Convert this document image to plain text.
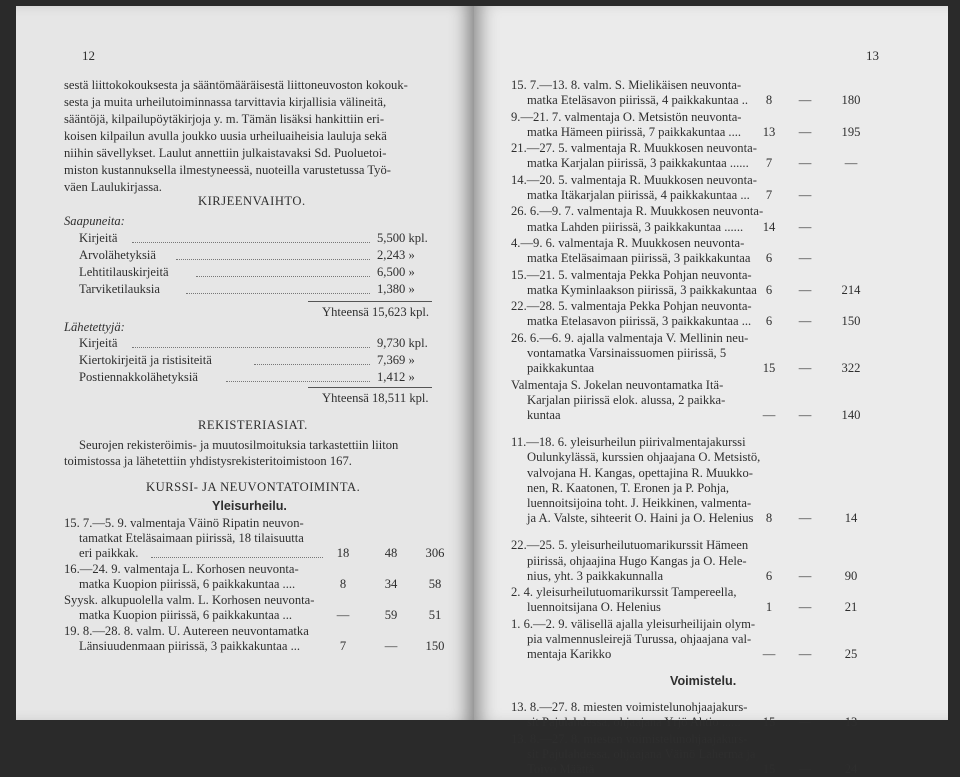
12
sestä liittokokouksesta ja sääntömääräisestä liittoneuvoston kokouk-
sesta ja muita urheilutoiminnassa tarvittavia kirjallisia välineitä,
sääntöjä, kilpailupöytäkirjoja y. m. Tämän lisäksi hankittiin eri-
koisen kilpailun avulla joukko uusia urheiluaiheisia lauluja sekä
niihin sävellykset. Laulut annettiin julkaistavaksi Sd. Puoluetoi-
miston kustannuksella ilmestyneessä, nuoteilla varustetussa Työ-
väen Laulukirjassa.
KIRJEENVAIHTO.
Saapuneita:
Kirjeitä	5,500 kpl.
Arvolähetyksiä	2,243 »
Lehtitilauskirjeitä	6,500 »
Tarviketilauksia	1,380 »
Yhteensä 15,623 kpl.
Lähetettyjä:
Kirjeitä	9,730 kpl.
Kiertokirjeitä ja ristisiteitä	7,369 »
Postiennakkolähetyksiä	1,412 »
Yhteensä 18,511 kpl.
REKISTERIASIAT.
Seurojen rekisteröimis- ja muutosilmoituksia tarkastettiin liiton
toimistossa ja lähetettiin yhdistysrekisteritoimistoon 167.
KURSSI- JA NEUVONTATOIMINTA.
Yleisurheilu.
15. 7.—5. 9. valmentaja Väinö Ripatin neuvon-
tamatkat Eteläsaimaan piirissä, 18 tilaisuutta
eri paikkak.	18	48	306
16.—24. 9. valmentaja L. Korhosen neuvonta-
matka Kuopion piirissä, 6 paikkakuntaa ....	8	34	58
Syysk. alkupuolella valm. L. Korhosen neuvonta-
matka Kuopion piirissä, 6 paikkakuntaa ...	—	59	51
19. 8.—28. 8. valm. U. Autereen neuvontamatka
Länsiuudenmaan piirissä, 3 paikkakuntaa ...	7	—	150
13
15. 7.—13. 8. valm. S. Mielikäisen neuvonta-
matka Eteläsavon piirissä, 4 paikkakuntaa ..	8	—	180
9.—21. 7. valmentaja O. Metsistön neuvonta-
matka Hämeen piirissä, 7 paikkakuntaa ....	13	—	195
21.—27. 5. valmentaja R. Muukkosen neuvonta-
matka Karjalan piirissä, 3 paikkakuntaa ......	7	—	—
14.—20. 5. valmentaja R. Muukkosen neuvonta-
matka Itäkarjalan piirissä, 4 paikkakuntaa ...	7	—
26. 6.—9. 7. valmentaja R. Muukkosen neuvonta-
matka Lahden piirissä, 3 paikkakuntaa ......	14	—
4.—9. 6. valmentaja R. Muukkosen neuvonta-
matka Eteläsaimaan piirissä, 3 paikkakuntaa	6	—
15.—21. 5. valmentaja Pekka Pohjan neuvonta-
matka Kyminlaakson piirissä, 3 paikkakuntaa 6	—	214
22.—28. 5. valmentaja Pekka Pohjan neuvonta-
matka Etelasavon piirissä, 3 paikkakuntaa ...	6	—	150
26. 6.—6. 9. ajalla valmentaja V. Mellinin neu-
vontamatka Varsinaissuomen piirissä, 5
paikkakuntaa	15	—	322
Valmentaja S. Jokelan neuvontamatka Itä-
Karjalan piirissä elok. alussa, 2 paikka-
kuntaa	—	—	140
11.—18. 6. yleisurheilun piirivalmentajakurssi
Oulunkylässä, kurssien ohjaajana O. Metsistö,
valvojana H. Kangas, opettajina R. Muukko-
nen, R. Kaatonen, T. Eronen ja P. Pohja,
luennoitsijoina toht. J. Heikkinen, valmenta-
ja A. Valste, sihteerit O. Haini ja O. Helenius 8	—	14
22.—25. 5. yleisurheilutuomarikurssit Hämeen
piirissä, ohjaajina Hugo Kangas ja O. Hele-
nius, yht. 3 paikkakunnalla	6	—	90
2. 4. yleisurheilutuomarikurssit Tampereella,
luennoitsijana O. Helenius	1	—	21
1. 6.—2. 9. välisellä ajalla yleisurheilijain olym-
pia valmennusleirejä Turussa, ohjaajana val-
mentaja Karikko	—	—	25
Voimistelu.
13. 8.—27. 8. miesten voimistelunohjaajakurs-
sit Pajulahdessa, ohjaajana Yrjö Ahtio ......	15	—	13
13. 8.—27. 8. miesten voimistelunohjaajakurs-
sit Pajulahdessa, ohjaajana Väinö Laherma ja
Toivo Määttä	15	—	24
